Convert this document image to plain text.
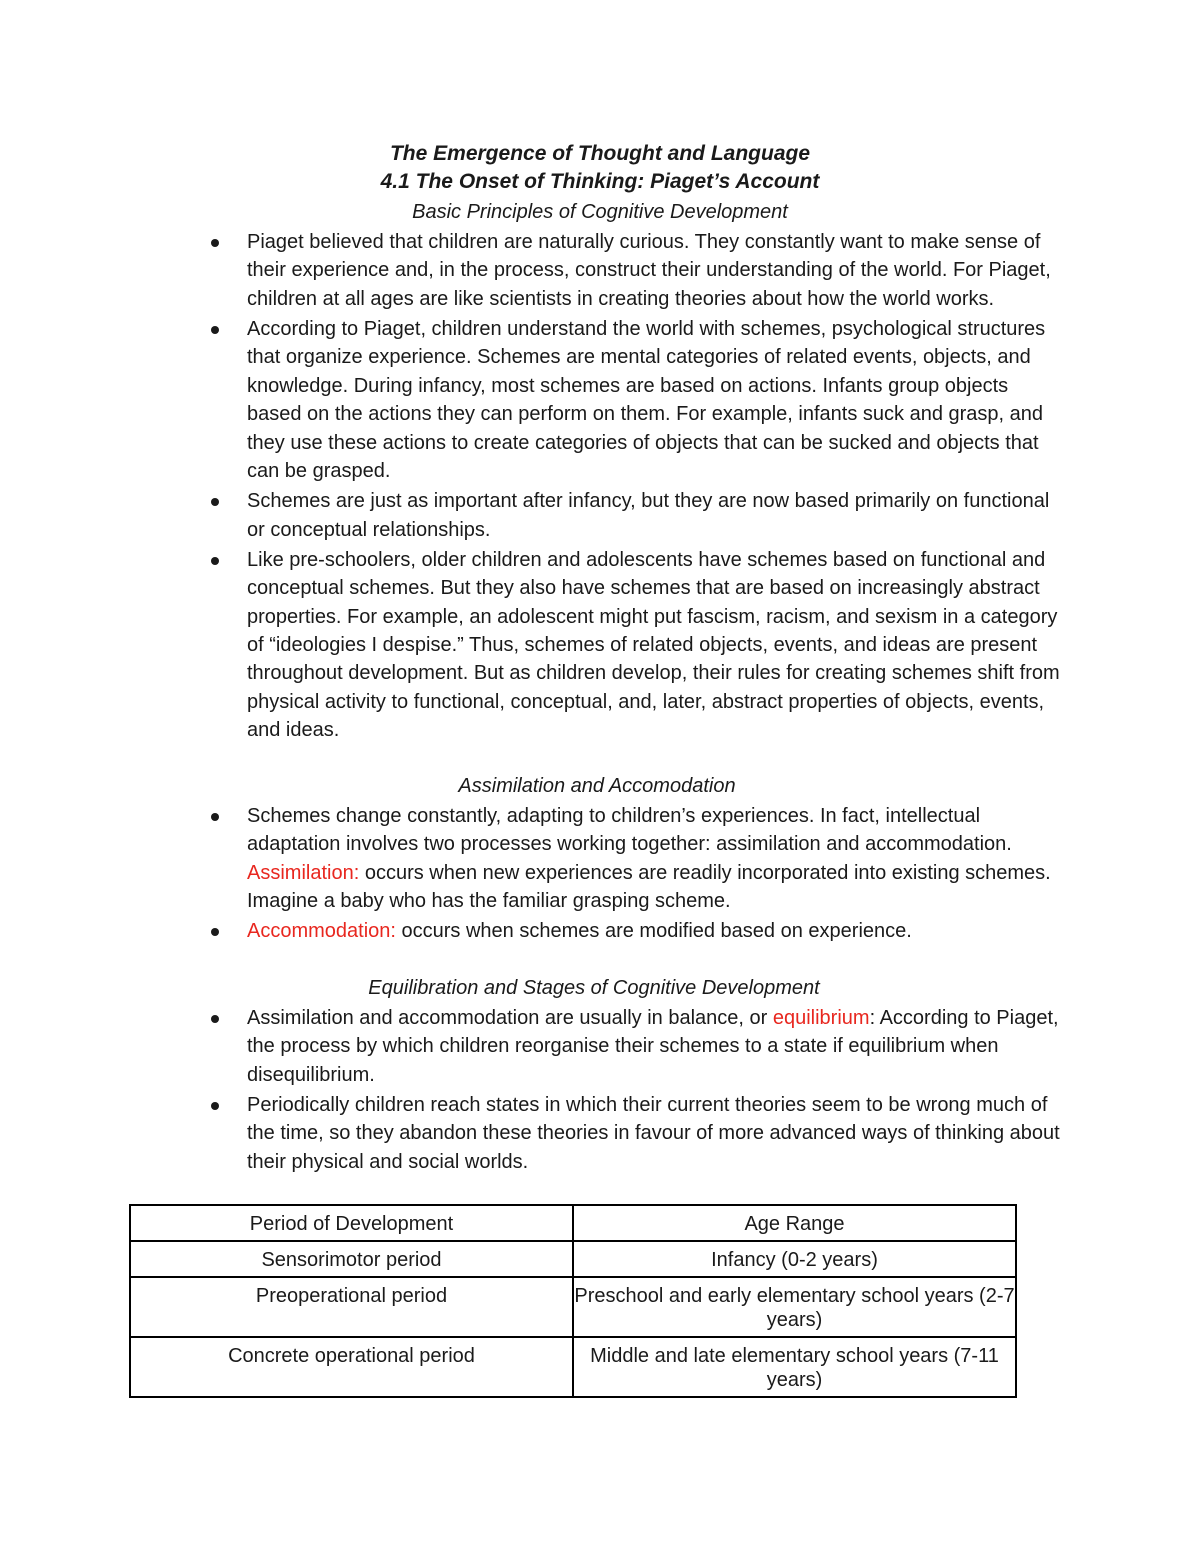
The Emergence of Thought and Language

4.1 The Onset of Thinking: Piaget’s Account

Basic Principles of Cognitive Development

Piaget believed that children are naturally curious. They constantly want to make sense of their experience and, in the process, construct their understanding of the world. For Piaget, children at all ages are like scientists in creating theories about how the world works.
According to Piaget, children understand the world with schemes, psychological structures that organize experience. Schemes are mental categories of related events, objects, and knowledge. During infancy, most schemes are based on actions. Infants group objects based on the actions they can perform on them. For example, infants suck and grasp, and they use these actions to create categories of objects that can be sucked and objects that can be grasped.
Schemes are just as important after infancy, but they are now based primarily on functional or conceptual relationships.
Like pre-schoolers, older children and adolescents have schemes based on functional and conceptual schemes. But they also have schemes that are based on increasingly abstract properties. For example, an adolescent might put fascism, racism, and sexism in a category of “ideologies I despise.” Thus, schemes of related objects, events, and ideas are present throughout development. But as children develop, their rules for creating schemes shift from physical activity to functional, conceptual, and, later, abstract properties of objects, events, and ideas.

Assimilation and Accomodation

Schemes change constantly, adapting to children’s experiences. In fact, intellectual adaptation involves two processes working together: assimilation and accommodation. Assimilation: occurs when new experiences are readily incorporated into existing schemes. Imagine a baby who has the familiar grasping scheme.
Accommodation: occurs when schemes are modified based on experience.

Equilibration and Stages of Cognitive Development

Assimilation and accommodation are usually in balance, or equilibrium: According to Piaget, the process by which children reorganise their schemes to a state if equilibrium when disequilibrium.
Periodically children reach states in which their current theories seem to be wrong much of the time, so they abandon these theories in favour of more advanced ways of thinking about their physical and social worlds.
Period of Development	Age Range
Sensorimotor period	Infancy (0-2 years)
Preoperational period	Preschool and early elementary school years (2-7 years)
Concrete operational period	Middle and late elementary school years (7-11 years)
